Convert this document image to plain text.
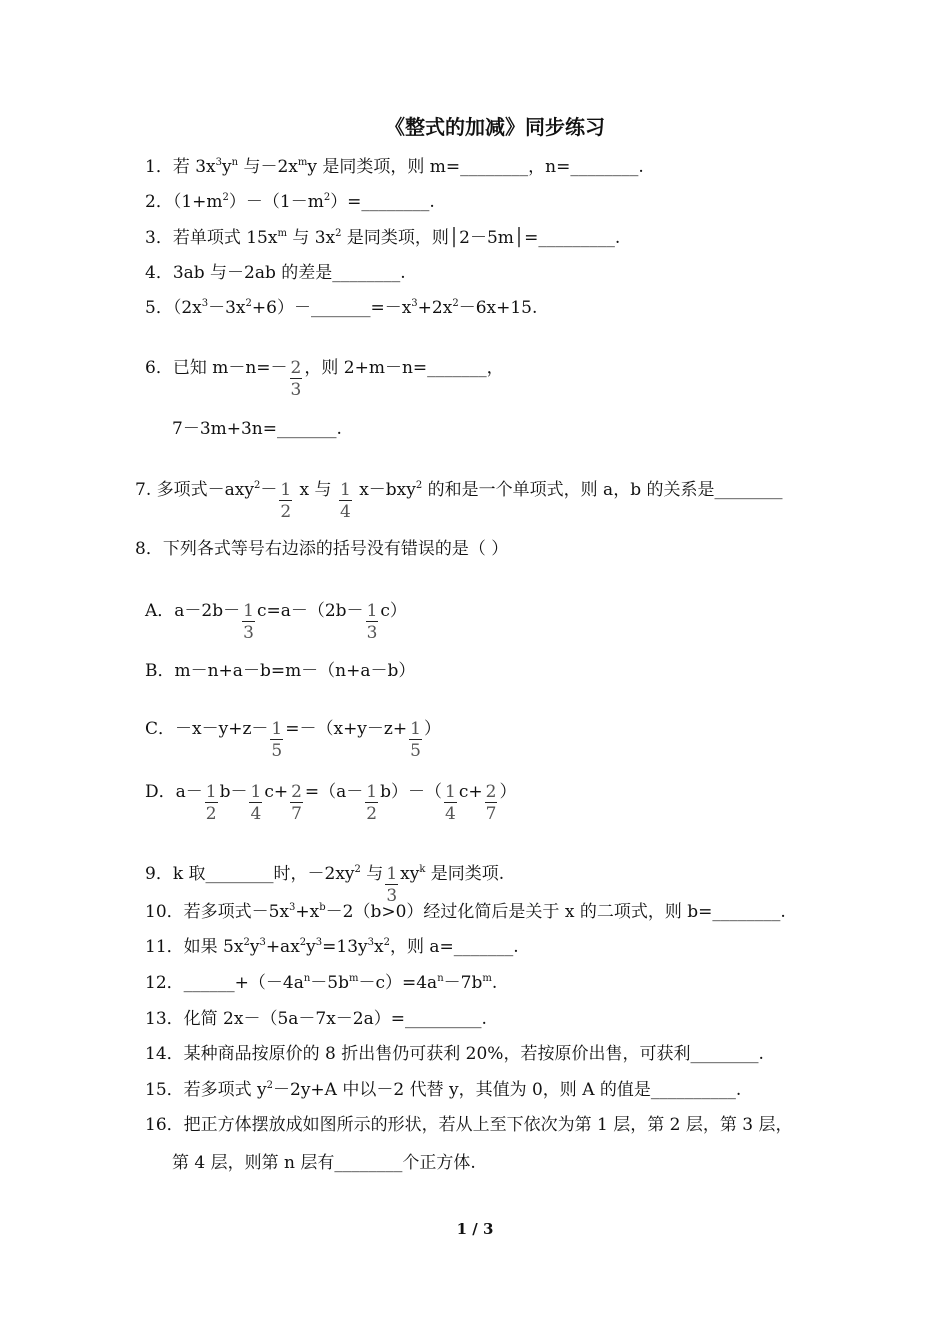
《整式的加减》同步练习
1．若 $3x^3y^n$ 与$-2x^my$ 是同类项，则 m=________，n=________.
2．$(1+m^2)-(1-m^2)=\_\_\_\_\_\_\_\_$.
3．若单项式 $15x^m$ 与 $3x^2$ 是同类项，则│2－5m│=_________.
4．3ab 与－2ab 的差是________.
5．$(2x^3-3x^2+6)-\_\_\_\_\_\_\_=-x^3+2x^2-6x+15$.
6．已知 $m-n=- \frac{2}{3}$ ，则 2+m－n=_______，
7－3m+3n=_______.
7. 多项式$-axy^2- \frac{1}{2}$ x 与 $\frac{1}{4} x-bxy^2$ 的和是一个单项式，则 a，b 的关系是________
8．下列各式等号右边添的括号没有错误的是（ ）
A．$a-2b- \frac{1}{3} c=a-(2b- \frac{1}{3} c)$
B．m－n+a－b=m－（n+a－b）
C．$-x-y+z- \frac{1}{5} =-(x+y-z+ \frac{1}{5}$ ）
D．$a- \frac{1}{2} b- \frac{1}{4} c+ \frac{2}{7} =(a- \frac{1}{2} b)-( \frac{1}{4} c+ \frac{2}{7}$ ）
9．k 取________时，$-2xy^2$ 与 $\frac{1}{3} xy^k$ 是同类项.
10．若多项式$-5x^3+x^b-2(b>0)$经过化简后是关于 x 的二项式，则 b=________.
11．如果 $5x^2y^3+ax^2y^3=13y^3x^2$，则 a=_______.
12．$\_\_\_\_\_\_+(-4a^n-5b^m-c)=4a^n-7b^m$.
13．化简 2x－（5a－7x－2a）=_________.
14．某种商品按原价的 8 折出售仍可获利 20%，若按原价出售，可获利________.
15．若多项式 $y^2-2y+A$ 中以－2 代替 y，其值为 0，则 A 的值是__________.
16．把正方体摆放成如图所示的形状，若从上至下依次为第 1 层，第 2 层，第 3 层，
第 4 层，则第 n 层有________个正方体.
1 / 3
